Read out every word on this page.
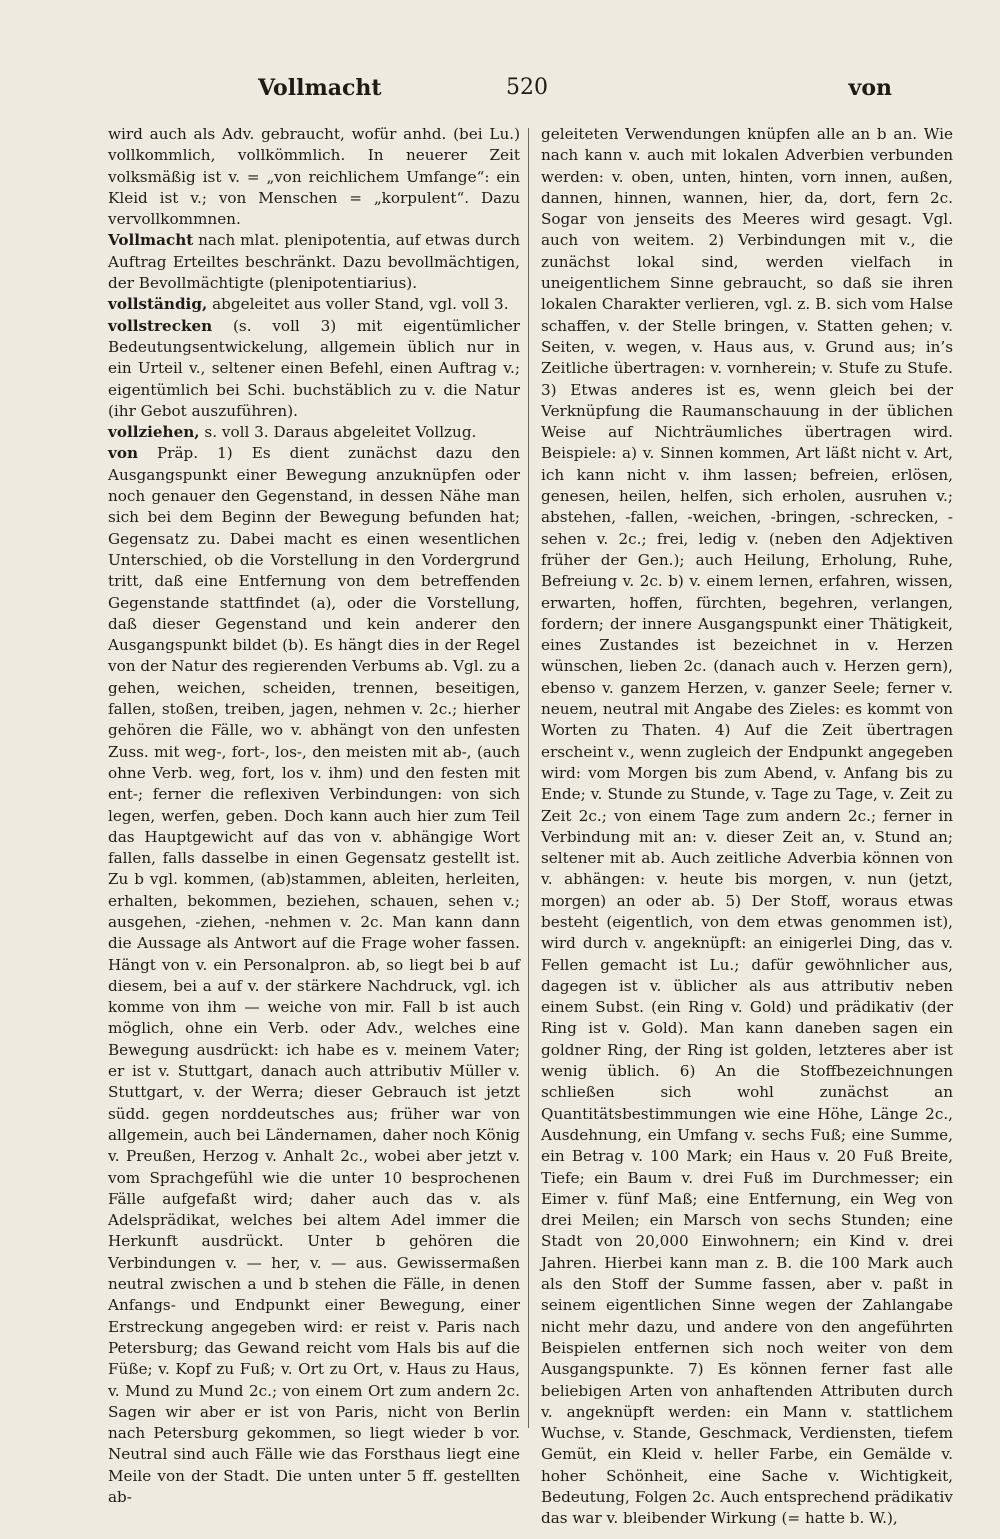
Vollmacht	520	von

wird auch als Adv. gebraucht, wofür anhd. (bei Lu.) vollkommlich, vollkömmlich. In neuerer Zeit volksmäßig ist v. = „von reichlichem Umfange“: ein Kleid ist v.; von Menschen = „korpulent“. Dazu vervollkommnen.

Vollmacht nach mlat. plenipotentia, auf etwas durch Auftrag Erteiltes beschränkt. Dazu bevollmächtigen, der Bevollmächtigte (plenipotentiarius).

vollständig, abgeleitet aus voller Stand, vgl. voll 3.

vollstrecken (s. voll 3) mit eigentümlicher Bedeutungsentwickelung, allgemein üblich nur in ein Urteil v., seltener einen Befehl, einen Auftrag v.; eigentümlich bei Schi. buchstäblich zu v. die Natur (ihr Gebot auszuführen).

vollziehen, s. voll 3. Daraus abgeleitet Vollzug.

von Präp. 1) Es dient zunächst dazu den Ausgangspunkt einer Bewegung anzuknüpfen oder noch genauer den Gegenstand, in dessen Nähe man sich bei dem Beginn der Bewegung befunden hat; Gegensatz zu. Dabei macht es einen wesentlichen Unterschied, ob die Vorstellung in den Vordergrund tritt, daß eine Entfernung von dem betreffenden Gegenstande stattfindet (a), oder die Vorstellung, daß dieser Gegenstand und kein anderer den Ausgangspunkt bildet (b). Es hängt dies in der Regel von der Natur des regierenden Verbums ab. Vgl. zu a gehen, weichen, scheiden, trennen, beseitigen, fallen, stoßen, treiben, jagen, nehmen v. 2c.; hierher gehören die Fälle, wo v. abhängt von den unfesten Zuss. mit weg-, fort-, los-, den meisten mit ab-, (auch ohne Verb. weg, fort, los v. ihm) und den festen mit ent-; ferner die reflexiven Verbindungen: von sich legen, werfen, geben. Doch kann auch hier zum Teil das Hauptgewicht auf das von v. abhängige Wort fallen, falls dasselbe in einen Gegensatz gestellt ist. Zu b vgl. kommen, (ab)stammen, ableiten, herleiten, erhalten, bekommen, beziehen, schauen, sehen v.; ausgehen, -ziehen, -nehmen v. 2c. Man kann dann die Aussage als Antwort auf die Frage woher fassen. Hängt von v. ein Personalpron. ab, so liegt bei b auf diesem, bei a auf v. der stärkere Nachdruck, vgl. ich komme von ihm — weiche von mir. Fall b ist auch möglich, ohne ein Verb. oder Adv., welches eine Bewegung ausdrückt: ich habe es v. meinem Vater; er ist v. Stuttgart, danach auch attributiv Müller v. Stuttgart, v. der Werra; dieser Gebrauch ist jetzt südd. gegen norddeutsches aus; früher war von allgemein, auch bei Ländernamen, daher noch König v. Preußen, Herzog v. Anhalt 2c., wobei aber jetzt v. vom Sprachgefühl wie die unter 10 besprochenen Fälle aufgefaßt wird; daher auch das v. als Adelsprädikat, welches bei altem Adel immer die Herkunft ausdrückt. Unter b gehören die Verbindungen v. — her, v. — aus. Gewissermaßen neutral zwischen a und b stehen die Fälle, in denen Anfangs- und Endpunkt einer Bewegung, einer Erstreckung angegeben wird: er reist v. Paris nach Petersburg; das Gewand reicht vom Hals bis auf die Füße; v. Kopf zu Fuß; v. Ort zu Ort, v. Haus zu Haus, v. Mund zu Mund 2c.; von einem Ort zum andern 2c. Sagen wir aber er ist von Paris, nicht von Berlin nach Petersburg gekommen, so liegt wieder b vor. Neutral sind auch Fälle wie das Forsthaus liegt eine Meile von der Stadt. Die unten unter 5 ff. gestellten ab-

geleiteten Verwendungen knüpfen alle an b an. Wie nach kann v. auch mit lokalen Adverbien verbunden werden: v. oben, unten, hinten, vorn innen, außen, dannen, hinnen, wannen, hier, da, dort, fern 2c. Sogar von jenseits des Meeres wird gesagt. Vgl. auch von weitem. 2) Verbindungen mit v., die zunächst lokal sind, werden vielfach in uneigentlichem Sinne gebraucht, so daß sie ihren lokalen Charakter verlieren, vgl. z. B. sich vom Halse schaffen, v. der Stelle bringen, v. Statten gehen; v. Seiten, v. wegen, v. Haus aus, v. Grund aus; in’s Zeitliche übertragen: v. vornherein; v. Stufe zu Stufe. 3) Etwas anderes ist es, wenn gleich bei der Verknüpfung die Raumanschauung in der üblichen Weise auf Nichträumliches übertragen wird. Beispiele: a) v. Sinnen kommen, Art läßt nicht v. Art, ich kann nicht v. ihm lassen; befreien, erlösen, genesen, heilen, helfen, sich erholen, ausruhen v.; abstehen, -fallen, -weichen, -bringen, -schrecken, -sehen v. 2c.; frei, ledig v. (neben den Adjektiven früher der Gen.); auch Heilung, Erholung, Ruhe, Befreiung v. 2c. b) v. einem lernen, erfahren, wissen, erwarten, hoffen, fürchten, begehren, verlangen, fordern; der innere Ausgangspunkt einer Thätigkeit, eines Zustandes ist bezeichnet in v. Herzen wünschen, lieben 2c. (danach auch v. Herzen gern), ebenso v. ganzem Herzen, v. ganzer Seele; ferner v. neuem, neutral mit Angabe des Zieles: es kommt von Worten zu Thaten. 4) Auf die Zeit übertragen erscheint v., wenn zugleich der Endpunkt angegeben wird: vom Morgen bis zum Abend, v. Anfang bis zu Ende; v. Stunde zu Stunde, v. Tage zu Tage, v. Zeit zu Zeit 2c.; von einem Tage zum andern 2c.; ferner in Verbindung mit an: v. dieser Zeit an, v. Stund an; seltener mit ab. Auch zeitliche Adverbia können von v. abhängen: v. heute bis morgen, v. nun (jetzt, morgen) an oder ab. 5) Der Stoff, woraus etwas besteht (eigentlich, von dem etwas genommen ist), wird durch v. angeknüpft: an einigerlei Ding, das v. Fellen gemacht ist Lu.; dafür gewöhnlicher aus, dagegen ist v. üblicher als aus attributiv neben einem Subst. (ein Ring v. Gold) und prädikativ (der Ring ist v. Gold). Man kann daneben sagen ein goldner Ring, der Ring ist golden, letzteres aber ist wenig üblich. 6) An die Stoffbezeichnungen schließen sich wohl zunächst an Quantitätsbestimmungen wie eine Höhe, Länge 2c., Ausdehnung, ein Umfang v. sechs Fuß; eine Summe, ein Betrag v. 100 Mark; ein Haus v. 20 Fuß Breite, Tiefe; ein Baum v. drei Fuß im Durchmesser; ein Eimer v. fünf Maß; eine Entfernung, ein Weg von drei Meilen; ein Marsch von sechs Stunden; eine Stadt von 20,000 Einwohnern; ein Kind v. drei Jahren. Hierbei kann man z. B. die 100 Mark auch als den Stoff der Summe fassen, aber v. paßt in seinem eigentlichen Sinne wegen der Zahlangabe nicht mehr dazu, und andere von den angeführten Beispielen entfernen sich noch weiter von dem Ausgangspunkte. 7) Es können ferner fast alle beliebigen Arten von anhaftenden Attributen durch v. angeknüpft werden: ein Mann v. stattlichem Wuchse, v. Stande, Geschmack, Verdiensten, tiefem Gemüt, ein Kleid v. heller Farbe, ein Gemälde v. hoher Schönheit, eine Sache v. Wichtigkeit, Bedeutung, Folgen 2c. Auch entsprechend prädikativ das war v. bleibender Wirkung (= hatte b. W.),
